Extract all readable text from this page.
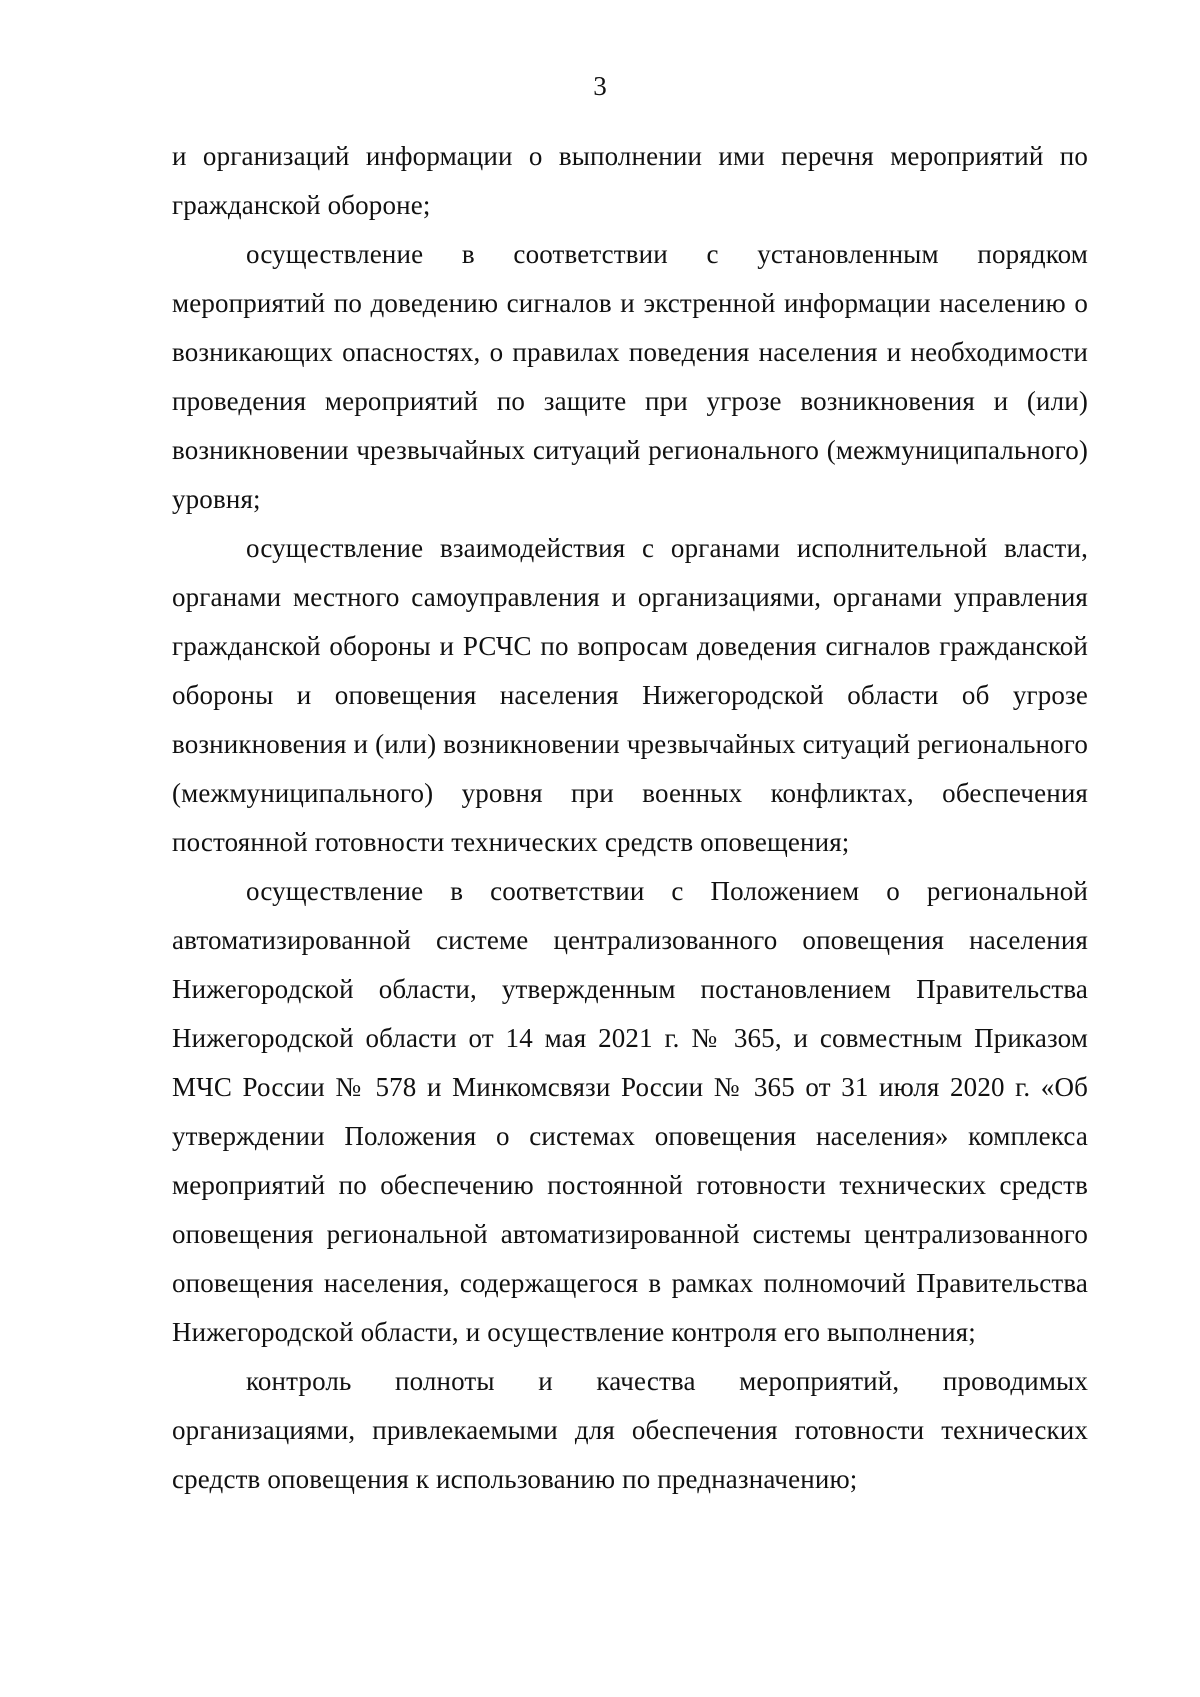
3

и организаций информации о выполнении ими перечня мероприятий по гражданской обороне;

осуществление в соответствии с установленным порядком мероприятий по доведению сигналов и экстренной информации населению о возникающих опасностях, о правилах поведения населения и необходимости проведения мероприятий по защите при угрозе возникновения и (или) возникновении чрезвычайных ситуаций регионального (межмуниципального) уровня;

осуществление взаимодействия с органами исполнительной власти, органами местного самоуправления и организациями, органами управления гражданской обороны и РСЧС по вопросам доведения сигналов гражданской обороны и оповещения населения Нижегородской области об угрозе возникновения и (или) возникновении чрезвычайных ситуаций регионального (межмуниципального) уровня при военных конфликтах, обеспечения постоянной готовности технических средств оповещения;

осуществление в соответствии с Положением о региональной автоматизированной системе централизованного оповещения населения Нижегородской области, утвержденным постановлением Правительства Нижегородской области от 14 мая 2021 г. № 365, и совместным Приказом МЧС России № 578 и Минкомсвязи России № 365 от 31 июля 2020 г. «Об утверждении Положения о системах оповещения населения» комплекса мероприятий по обеспечению постоянной готовности технических средств оповещения региональной автоматизированной системы централизованного оповещения населения, содержащегося в рамках полномочий Правительства Нижегородской области, и осуществление контроля его выполнения;

контроль полноты и качества мероприятий, проводимых организациями, привлекаемыми для обеспечения готовности технических средств оповещения к использованию по предназначению;
